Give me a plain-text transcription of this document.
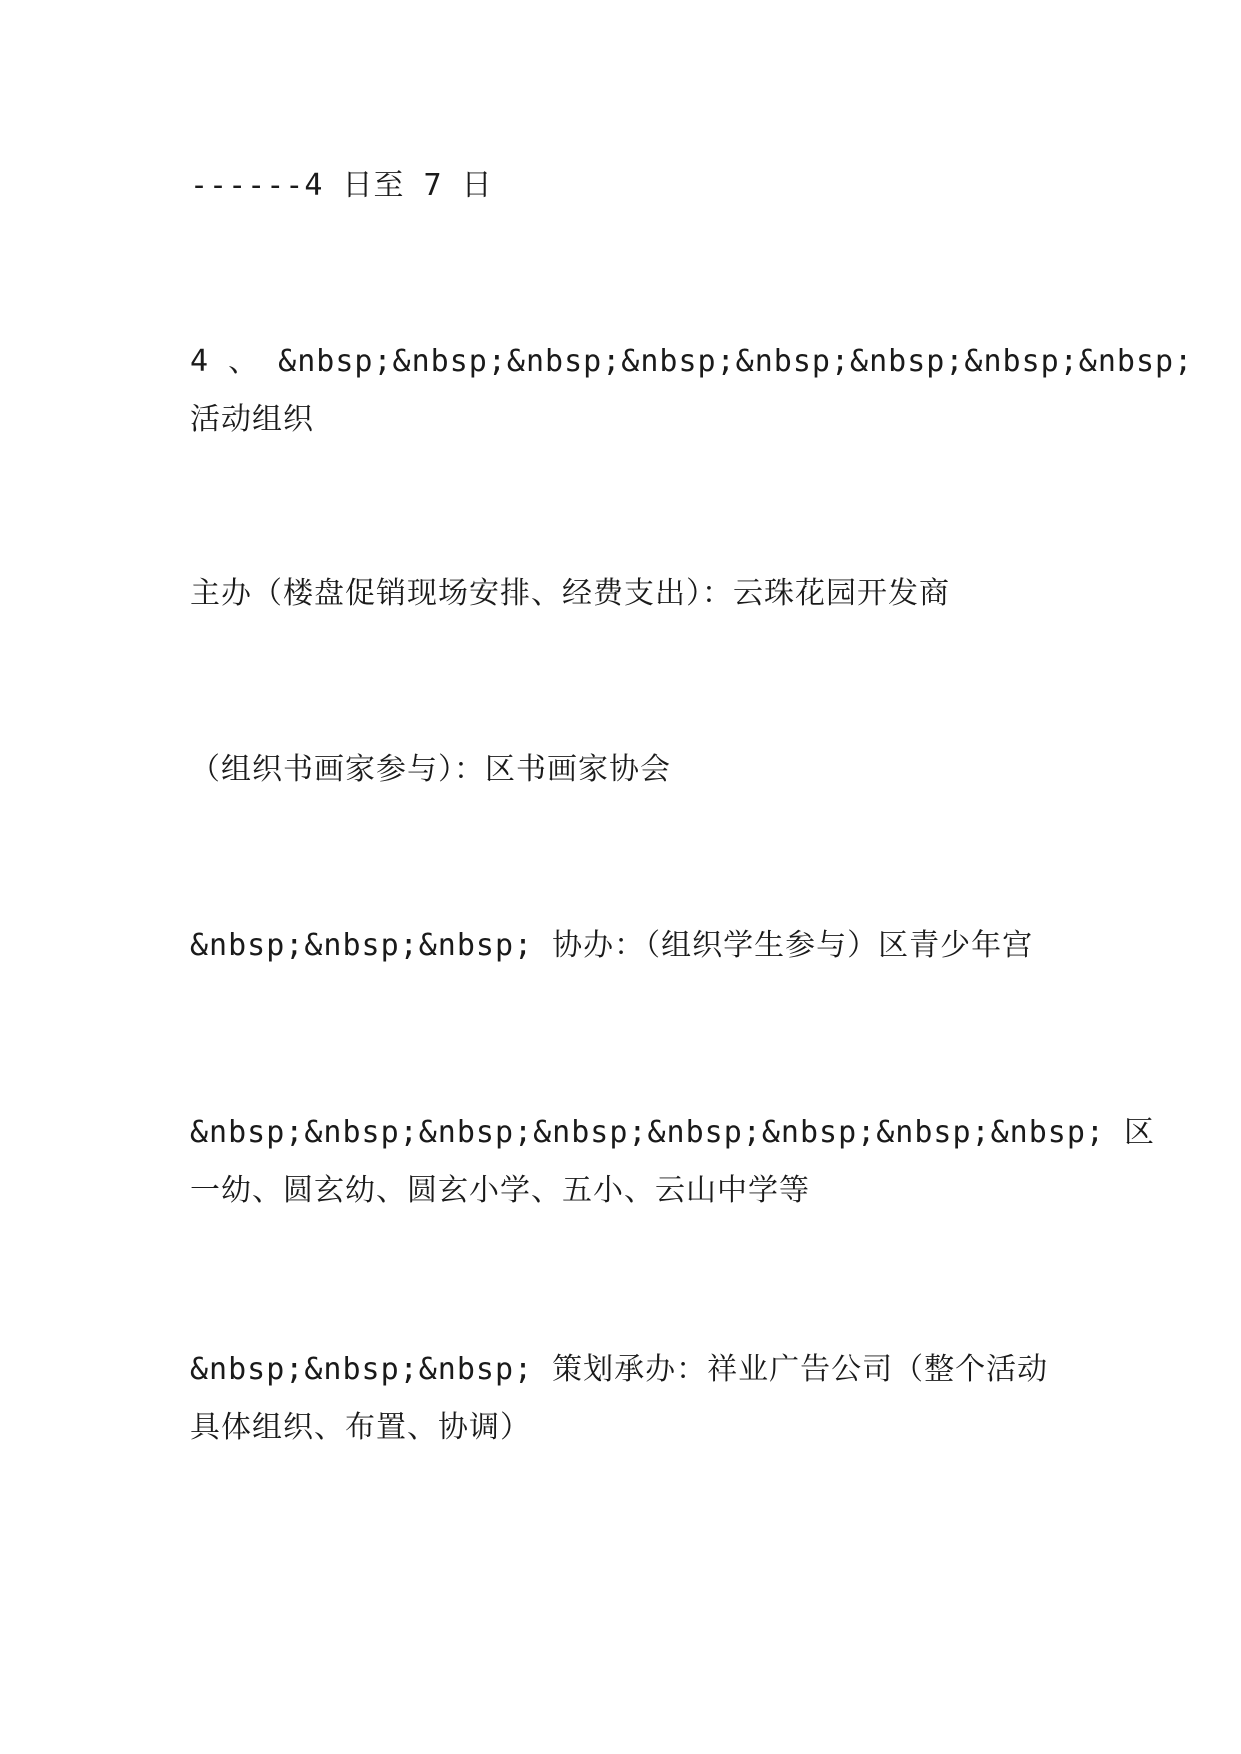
------4 日至 7 日

4 、 &nbsp;&nbsp;&nbsp;&nbsp;&nbsp;&nbsp;&nbsp;&nbsp;
活动组织

主办（楼盘促销现场安排、经费支出）：云珠花园开发商

（组织书画家参与）：区书画家协会

&nbsp;&nbsp;&nbsp; 协办：（组织学生参与）区青少年宫

&nbsp;&nbsp;&nbsp;&nbsp;&nbsp;&nbsp;&nbsp;&nbsp; 区
一幼、圆玄幼、圆玄小学、五小、云山中学等
&nbsp;&nbsp;&nbsp; 策划承办：祥业广告公司（整个活动
具体组织、布置、协调）
